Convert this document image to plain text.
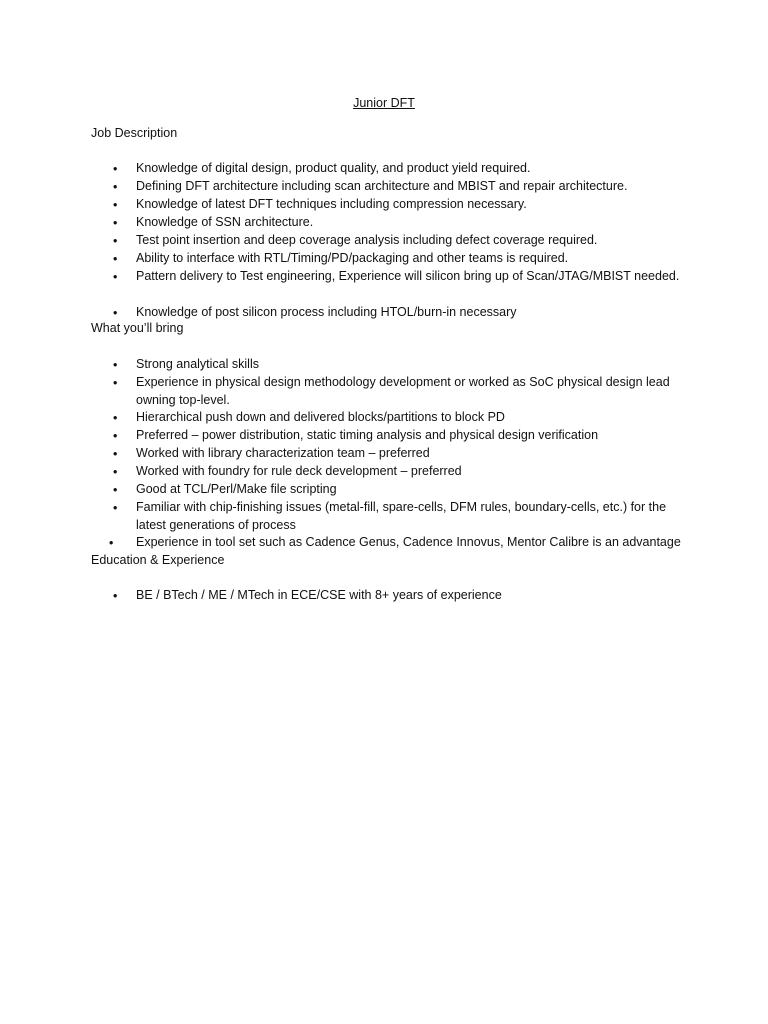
Junior DFT
Job Description
• Knowledge of digital design, product quality, and product yield required.
• Defining DFT architecture including scan architecture and MBIST and repair architecture.
• Knowledge of latest DFT techniques including compression necessary.
• Knowledge of SSN architecture.
• Test point insertion and deep coverage analysis including defect coverage required.
• Ability to interface with RTL/Timing/PD/packaging and other teams is required.
• Pattern delivery to Test engineering, Experience will silicon bring up of Scan/JTAG/MBIST needed.
• Knowledge of post silicon process including HTOL/burn-in necessary
What you’ll bring
• Strong analytical skills
• Experience in physical design methodology development or worked as SoC physical design lead owning top-level.
• Hierarchical push down and delivered blocks/partitions to block PD
• Preferred – power distribution, static timing analysis and physical design verification
• Worked with library characterization team – preferred
• Worked with foundry for rule deck development – preferred
• Good at TCL/Perl/Make file scripting
• Familiar with chip-finishing issues (metal-fill, spare-cells, DFM rules, boundary-cells, etc.) for the latest generations of process
• Experience in tool set such as Cadence Genus, Cadence Innovus, Mentor Calibre is an advantage
Education & Experience
• BE / BTech / ME / MTech in ECE/CSE with 8+ years of experience
